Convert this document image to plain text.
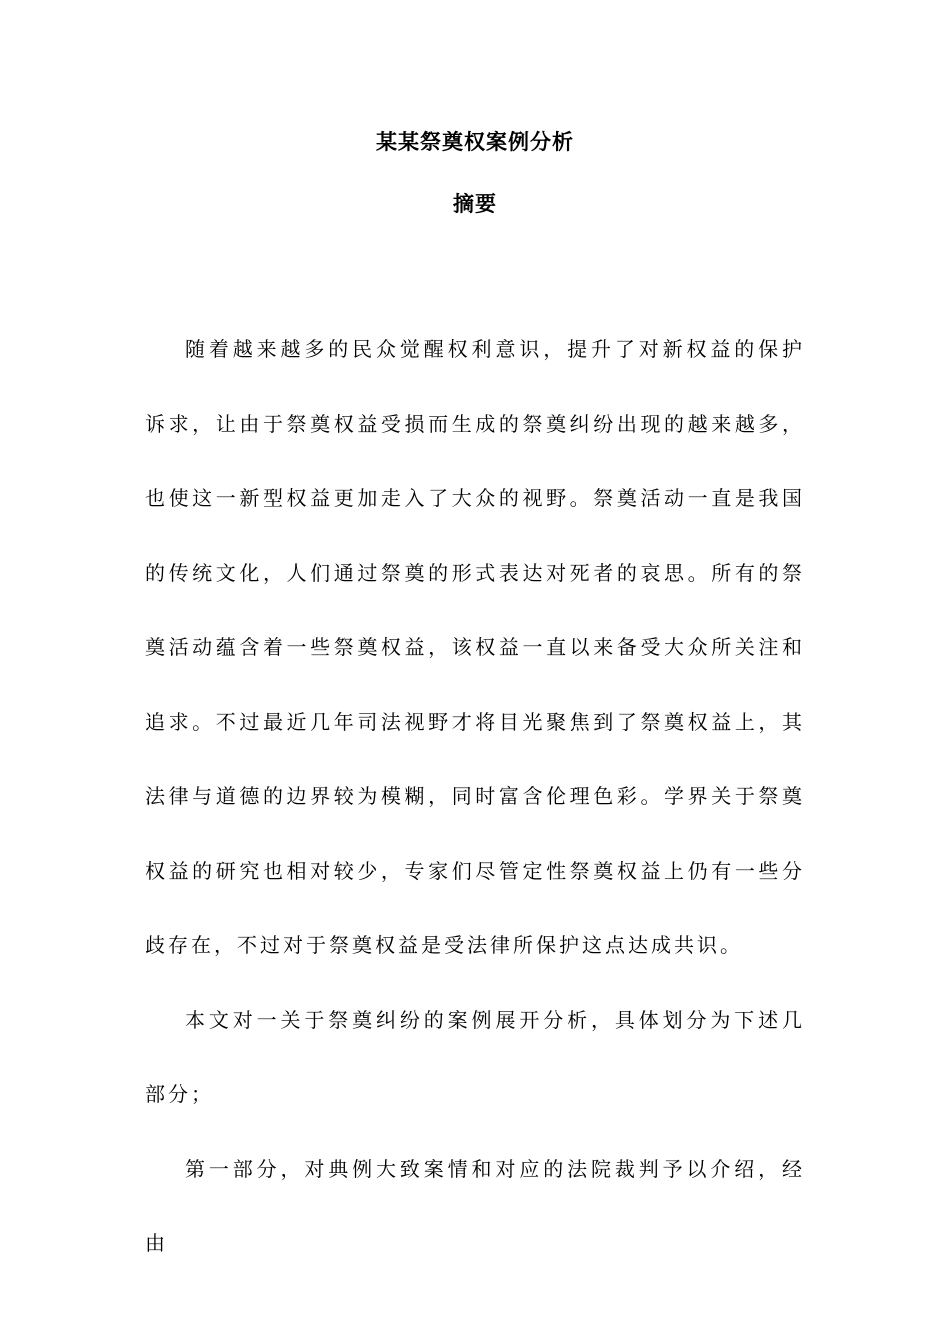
某某祭奠权案例分析
摘要

随着越来越多的民众觉醒权利意识，提升了对新权益的保护诉求，让由于祭奠权益受损而生成的祭奠纠纷出现的越来越多，也使这一新型权益更加走入了大众的视野。祭奠活动一直是我国的传统文化，人们通过祭奠的形式表达对死者的哀思。所有的祭奠活动蕴含着一些祭奠权益，该权益一直以来备受大众所关注和追求。不过最近几年司法视野才将目光聚焦到了祭奠权益上，其法律与道德的边界较为模糊，同时富含伦理色彩。学界关于祭奠权益的研究也相对较少，专家们尽管定性祭奠权益上仍有一些分歧存在，不过对于祭奠权益是受法律所保护这点达成共识。

本文对一关于祭奠纠纷的案例展开分析，具体划分为下述几部分；

第一部分，对典例大致案情和对应的法院裁判予以介绍，经由
